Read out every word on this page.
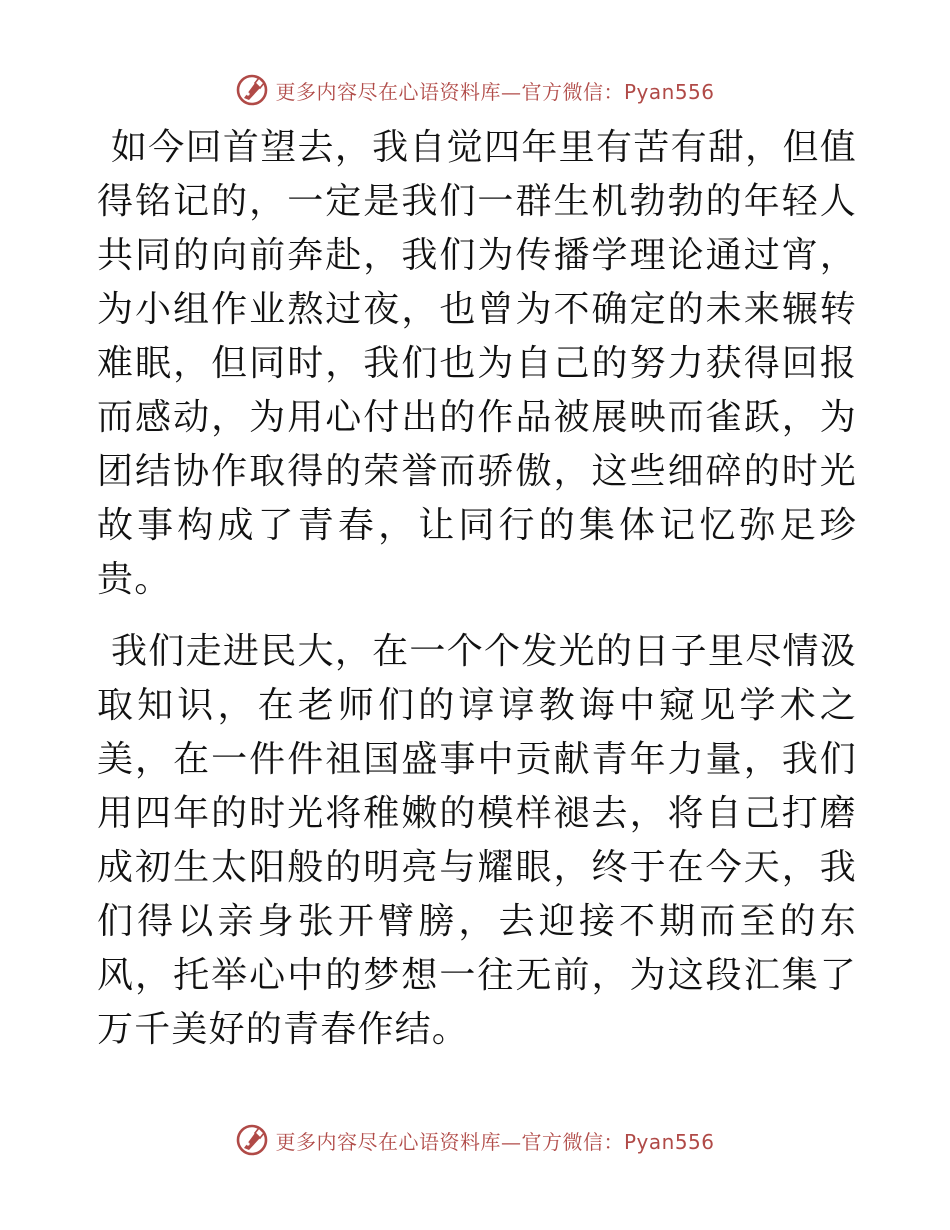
更多内容尽在心语资料库—官方微信：Pyan556

如今回首望去，我自觉四年里有苦有甜，但值得铭记的，一定是我们一群生机勃勃的年轻人共同的向前奔赴，我们为传播学理论通过宵，为小组作业熬过夜，也曾为不确定的未来辗转难眠，但同时，我们也为自己的努力获得回报而感动，为用心付出的作品被展映而雀跃，为团结协作取得的荣誉而骄傲，这些细碎的时光故事构成了青春，让同行的集体记忆弥足珍贵。

我们走进民大，在一个个发光的日子里尽情汲取知识，在老师们的谆谆教诲中窥见学术之美，在一件件祖国盛事中贡献青年力量，我们用四年的时光将稚嫩的模样褪去，将自己打磨成初生太阳般的明亮与耀眼，终于在今天，我们得以亲身张开臂膀，去迎接不期而至的东风，托举心中的梦想一往无前，为这段汇集了万千美好的青春作结。

更多内容尽在心语资料库—官方微信：Pyan556
